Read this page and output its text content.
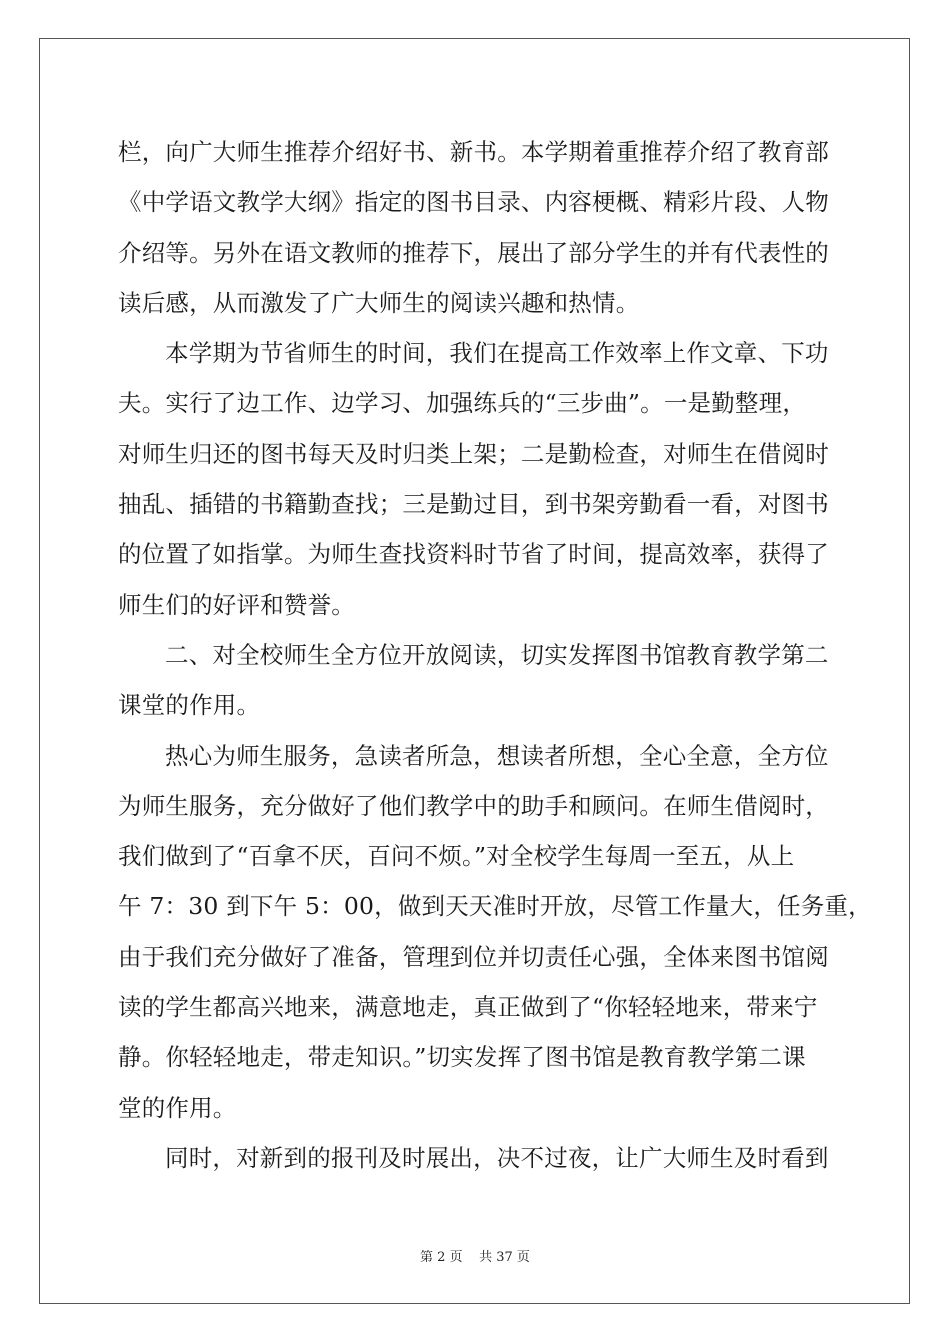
栏，向广大师生推荐介绍好书、新书。本学期着重推荐介绍了教育部
《中学语文教学大纲》指定的图书目录、内容梗概、精彩片段、人物
介绍等。另外在语文教师的推荐下，展出了部分学生的并有代表性的
读后感，从而激发了广大师生的阅读兴趣和热情。
本学期为节省师生的时间，我们在提高工作效率上作文章、下功
夫。实行了边工作、边学习、加强练兵的“三步曲”。一是勤整理，
对师生归还的图书每天及时归类上架；二是勤检查，对师生在借阅时
抽乱、插错的书籍勤查找；三是勤过目，到书架旁勤看一看，对图书
的位置了如指掌。为师生查找资料时节省了时间，提高效率，获得了
师生们的好评和赞誉。
二、对全校师生全方位开放阅读，切实发挥图书馆教育教学第二
课堂的作用。
热心为师生服务，急读者所急，想读者所想，全心全意，全方位
为师生服务，充分做好了他们教学中的助手和顾问。在师生借阅时，
我们做到了“百拿不厌，百问不烦。”对全校学生每周一至五，从上
午 7：30 到下午 5：00，做到天天准时开放，尽管工作量大，任务重，
由于我们充分做好了准备，管理到位并切责任心强，全体来图书馆阅
读的学生都高兴地来，满意地走，真正做到了“你轻轻地来，带来宁
静。你轻轻地走，带走知识。”切实发挥了图书馆是教育教学第二课
堂的作用。
同时，对新到的报刊及时展出，决不过夜，让广大师生及时看到
第 2 页 共 37 页
